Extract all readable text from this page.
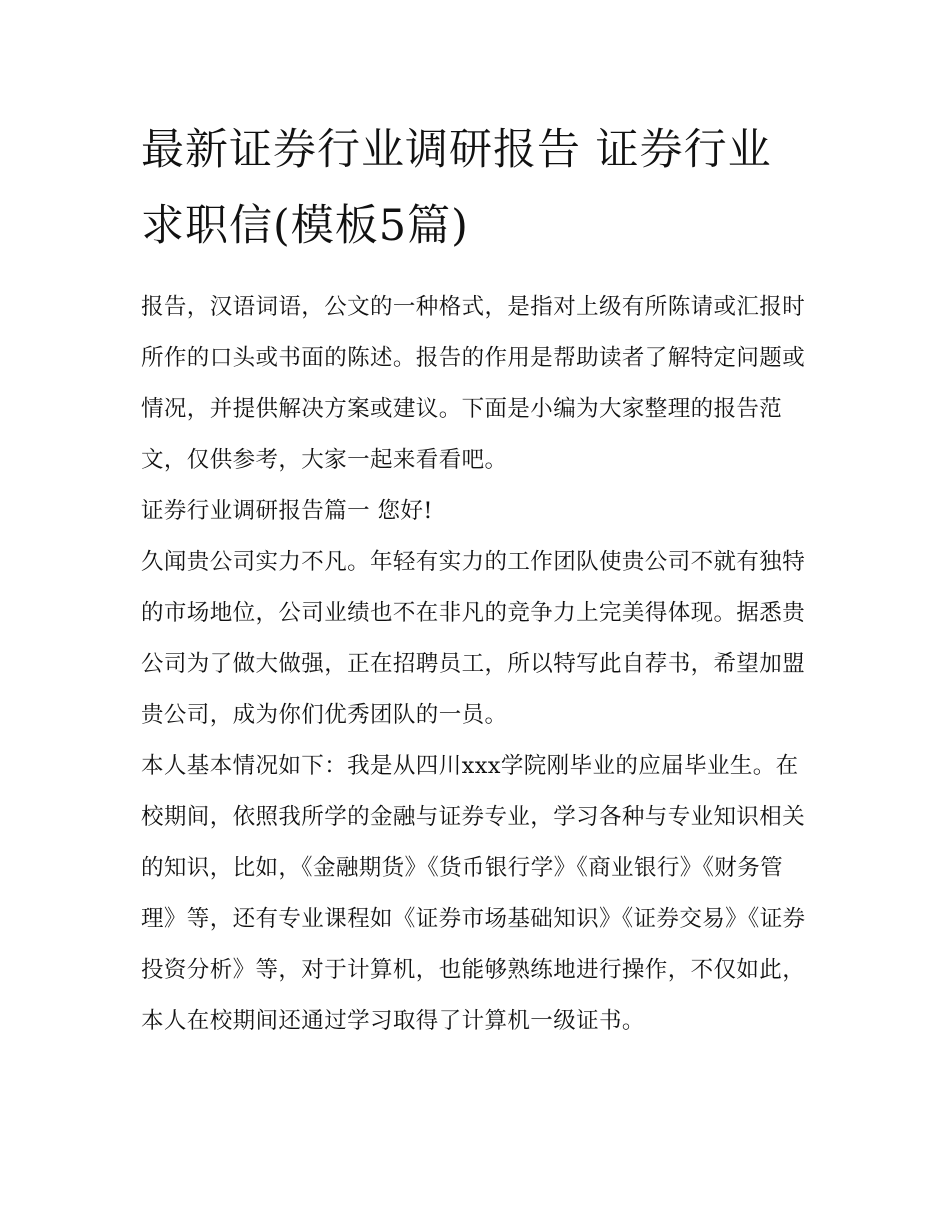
最新证券行业调研报告 证券行业求职信(模板5篇)

报告，汉语词语，公文的一种格式，是指对上级有所陈请或汇报时所作的口头或书面的陈述。报告的作用是帮助读者了解特定问题或情况，并提供解决方案或建议。下面是小编为大家整理的报告范文，仅供参考，大家一起来看看吧。

证券行业调研报告篇一 您好!

久闻贵公司实力不凡。年轻有实力的工作团队使贵公司不就有独特的市场地位，公司业绩也不在非凡的竞争力上完美得体现。据悉贵公司为了做大做强，正在招聘员工，所以特写此自荐书，希望加盟贵公司，成为你们优秀团队的一员。

本人基本情况如下：我是从四川xxx学院刚毕业的应届毕业生。在校期间，依照我所学的金融与证券专业，学习各种与专业知识相关的知识，比如，《金融期货》《货币银行学》《商业银行》《财务管理》等，还有专业课程如《证券市场基础知识》《证券交易》《证券投资分析》等，对于计算机，也能够熟练地进行操作，不仅如此，本人在校期间还通过学习取得了计算机一级证书。
